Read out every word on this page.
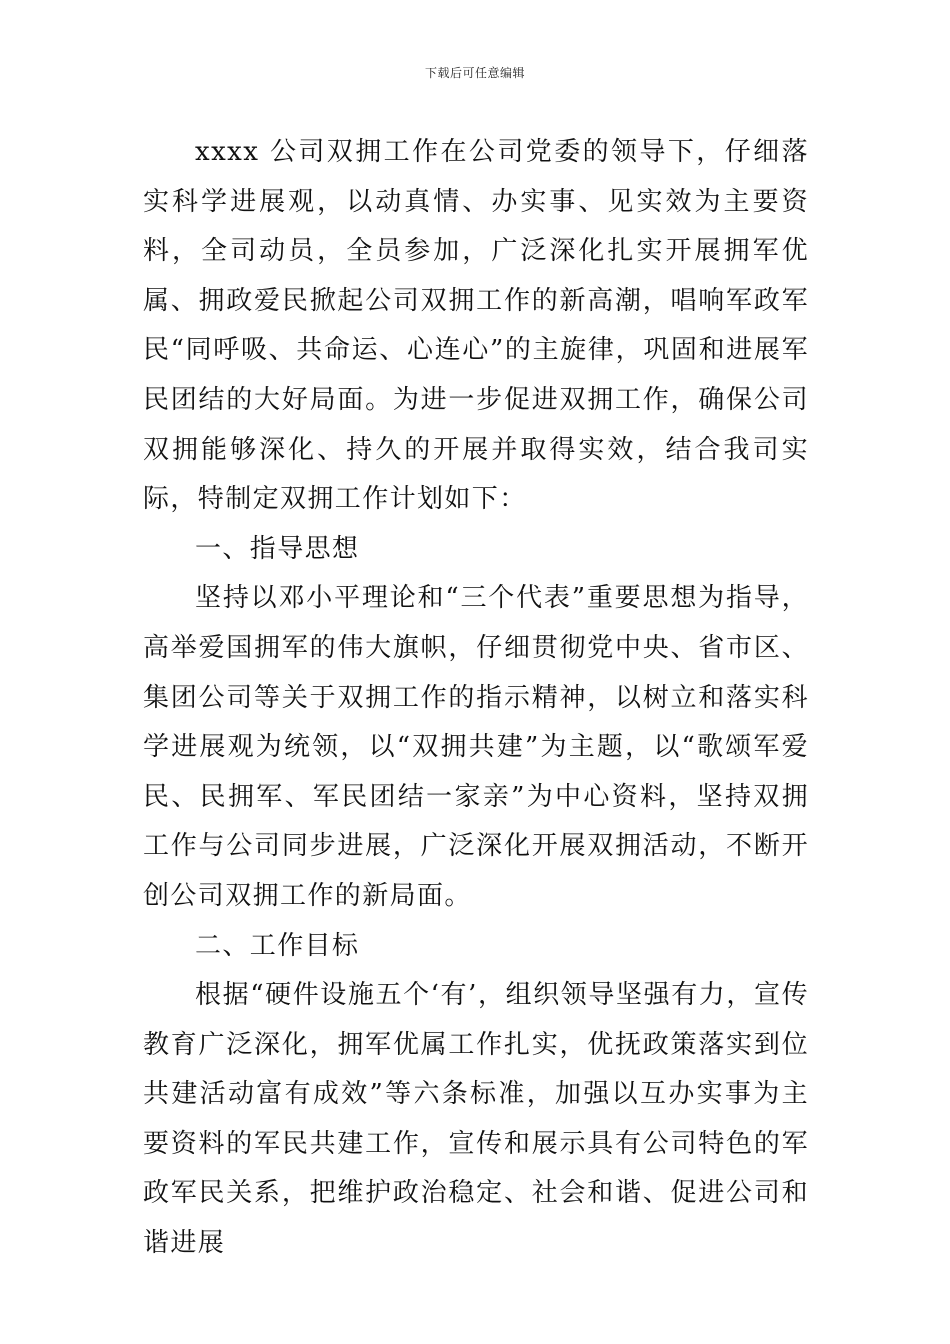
下载后可任意编辑

xxxx 公司双拥工作在公司党委的领导下，仔细落实科学进展观，以动真情、办实事、见实效为主要资料，全司动员，全员参加，广泛深化扎实开展拥军优属、拥政爱民掀起公司双拥工作的新高潮，唱响军政军民“同呼吸、共命运、心连心”的主旋律，巩固和进展军民团结的大好局面。为进一步促进双拥工作，确保公司双拥能够深化、持久的开展并取得实效，结合我司实际，特制定双拥工作计划如下：

一、指导思想

坚持以邓小平理论和“三个代表”重要思想为指导，高举爱国拥军的伟大旗帜，仔细贯彻党中央、省市区、集团公司等关于双拥工作的指示精神，以树立和落实科学进展观为统领，以“双拥共建”为主题，以“歌颂军爱民、民拥军、军民团结一家亲”为中心资料，坚持双拥工作与公司同步进展，广泛深化开展双拥活动，不断开创公司双拥工作的新局面。

二、工作目标

根据“硬件设施五个‘有’，组织领导坚强有力，宣传教育广泛深化，拥军优属工作扎实，优抚政策落实到位共建活动富有成效”等六条标准，加强以互办实事为主要资料的军民共建工作，宣传和展示具有公司特色的军政军民关系，把维护政治稳定、社会和谐、促进公司和谐进展
